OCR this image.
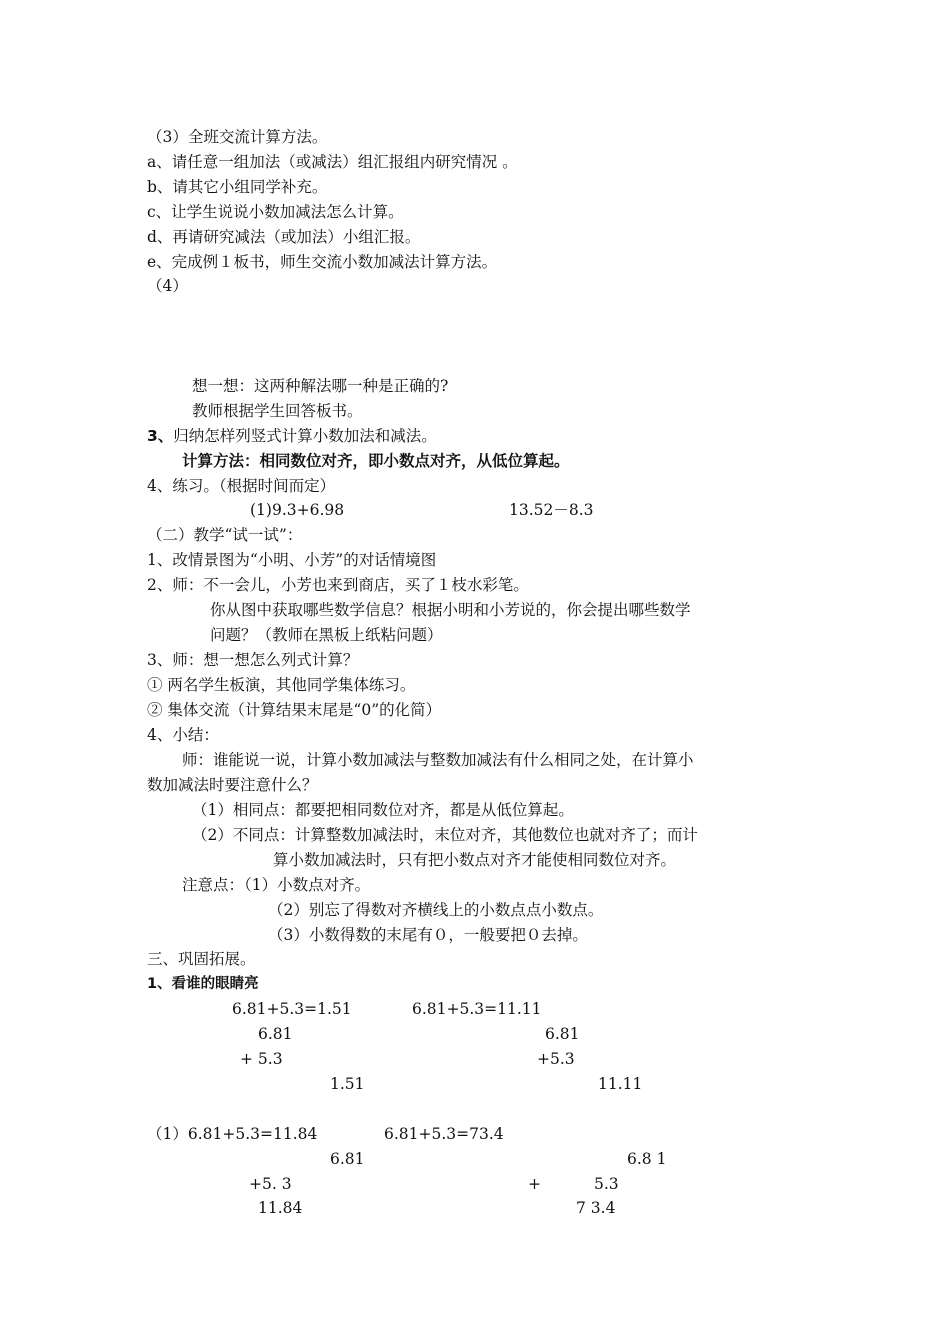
（3）全班交流计算方法。
a、请任意一组加法（或减法）组汇报组内研究情况 。
b、请其它小组同学补充。
c、让学生说说小数加减法怎么计算。
d、再请研究减法（或加法）小组汇报。
e、完成例１板书，师生交流小数加减法计算方法。
（4）
想一想：这两种解法哪一种是正确的?
教师根据学生回答板书。
3、归纳怎样列竖式计算小数加法和减法。
计算方法：相同数位对齐，即小数点对齐，从低位算起。
4、练习。（根据时间而定）
(1)9.3+6.98	13.52－8.3
（二）教学“试一试”：
1、改情景图为“小明、小芳”的对话情境图
2、师：不一会儿，小芳也来到商店，买了１枝水彩笔。
你从图中获取哪些数学信息？根据小明和小芳说的，你会提出哪些数学
问题？（教师在黑板上纸粘问题）
3、师：想一想怎么列式计算？
① 两名学生板演，其他同学集体练习。
② 集体交流（计算结果末尾是“0”的化简）
4、小结：
师：谁能说一说，计算小数加减法与整数加减法有什么相同之处，在计算小
数加减法时要注意什么？
（1）相同点：都要把相同数位对齐，都是从低位算起。
（2）不同点：计算整数加减法时，末位对齐，其他数位也就对齐了；而计
算小数加减法时，只有把小数点对齐才能使相同数位对齐。
注意点：（1）小数点对齐。
（2）别忘了得数对齐横线上的小数点点小数点。
（3）小数得数的末尾有０，一般要把０去掉。
三、巩固拓展。
1、看谁的眼睛亮
6.81+5.3=1.51	6.81+5.3=11.11
6.81	6.81
+ 5.3	+5.3
1.51	11.11
（1）6.81+5.3=11.84	6.81+5.3=73.4
6.81	6.8 1
+5. 3	+	5.3
11.84	7 3.4
